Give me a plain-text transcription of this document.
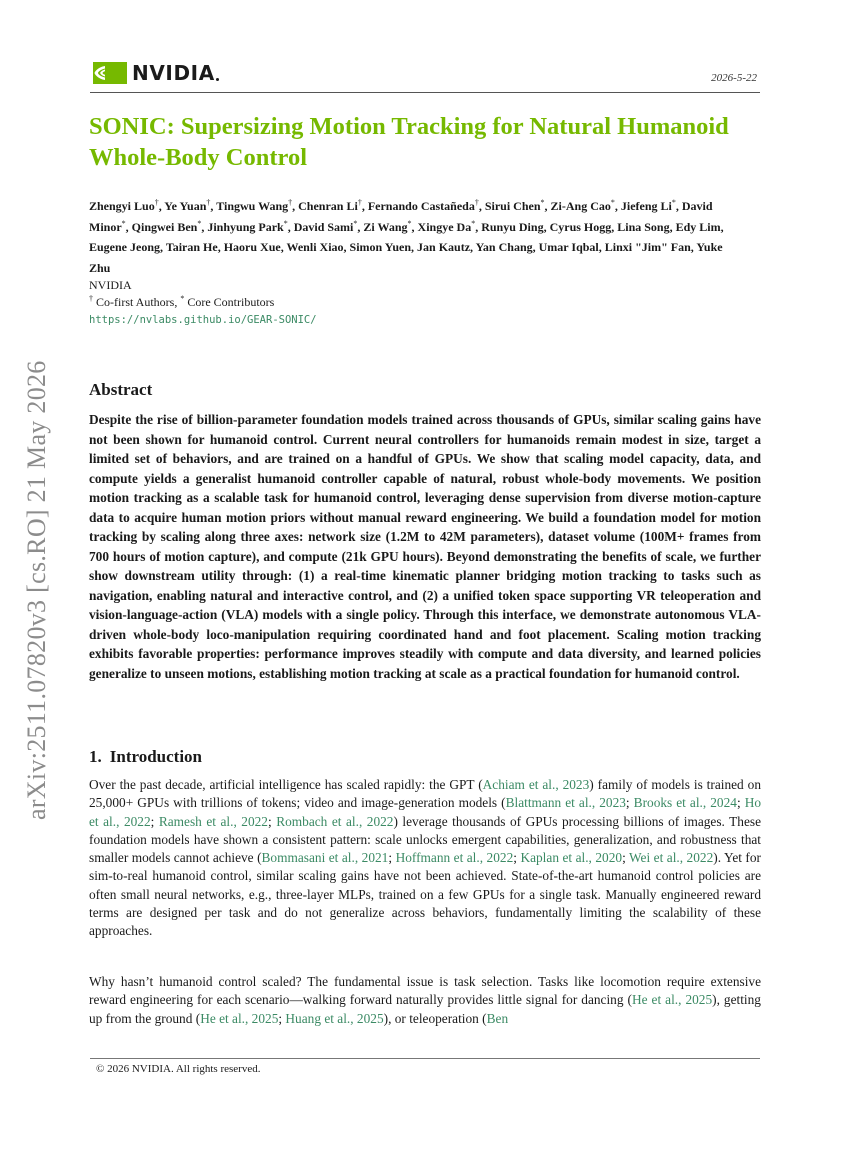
arXiv:2511.07820v3 [cs.RO] 21 May 2026
NVIDIA	2026-5-22
SONIC: Supersizing Motion Tracking for Natural Humanoid Whole-Body Control
Zhengyi Luo†, Ye Yuan†, Tingwu Wang†, Chenran Li†, Fernando Castañeda†, Sirui Chen*, Zi-Ang Cao*, Jiefeng Li*, David Minor*, Qingwei Ben*, Jinhyung Park*, David Sami*, Zi Wang*, Xingye Da*, Runyu Ding, Cyrus Hogg, Lina Song, Edy Lim, Eugene Jeong, Tairan He, Haoru Xue, Wenli Xiao, Simon Yuen, Jan Kautz, Yan Chang, Umar Iqbal, Linxi "Jim" Fan, Yuke Zhu
NVIDIA
† Co-first Authors, * Core Contributors
https://nvlabs.github.io/GEAR-SONIC/
Abstract

Despite the rise of billion-parameter foundation models trained across thousands of GPUs, similar scaling gains have not been shown for humanoid control. Current neural controllers for humanoids remain modest in size, target a limited set of behaviors, and are trained on a handful of GPUs. We show that scaling model capacity, data, and compute yields a generalist humanoid controller capable of natural, robust whole-body movements. We position motion tracking as a scalable task for humanoid control, leveraging dense supervision from diverse motion-capture data to acquire human motion priors without manual reward engineering. We build a foundation model for motion tracking by scaling along three axes: network size (1.2M to 42M parameters), dataset volume (100M+ frames from 700 hours of motion capture), and compute (21k GPU hours). Beyond demonstrating the benefits of scale, we further show downstream utility through: (1) a real-time kinematic planner bridging motion tracking to tasks such as navigation, enabling natural and interactive control, and (2) a unified token space supporting VR teleoperation and vision-language-action (VLA) models with a single policy. Through this interface, we demonstrate autonomous VLA-driven whole-body loco-manipulation requiring coordinated hand and foot placement. Scaling motion tracking exhibits favorable properties: performance improves steadily with compute and data diversity, and learned policies generalize to unseen motions, establishing motion tracking at scale as a practical foundation for humanoid control.

1. Introduction

Over the past decade, artificial intelligence has scaled rapidly: the GPT (Achiam et al., 2023) family of models is trained on 25,000+ GPUs with trillions of tokens; video and image-generation models (Blattmann et al., 2023; Brooks et al., 2024; Ho et al., 2022; Ramesh et al., 2022; Rombach et al., 2022) leverage thousands of GPUs processing billions of images. These foundation models have shown a consistent pattern: scale unlocks emergent capabilities, generalization, and robustness that smaller models cannot achieve (Bommasani et al., 2021; Hoffmann et al., 2022; Kaplan et al., 2020; Wei et al., 2022). Yet for sim-to-real humanoid control, similar scaling gains have not been achieved. State-of-the-art humanoid control policies are often small neural networks, e.g., three-layer MLPs, trained on a few GPUs for a single task. Manually engineered reward terms are designed per task and do not generalize across behaviors, fundamentally limiting the scalability of these approaches.

Why hasn’t humanoid control scaled? The fundamental issue is task selection. Tasks like locomotion require extensive reward engineering for each scenario—walking forward naturally provides little signal for dancing (He et al., 2025), getting up from the ground (He et al., 2025; Huang et al., 2025), or teleoperation (Ben

© 2026 NVIDIA. All rights reserved.
